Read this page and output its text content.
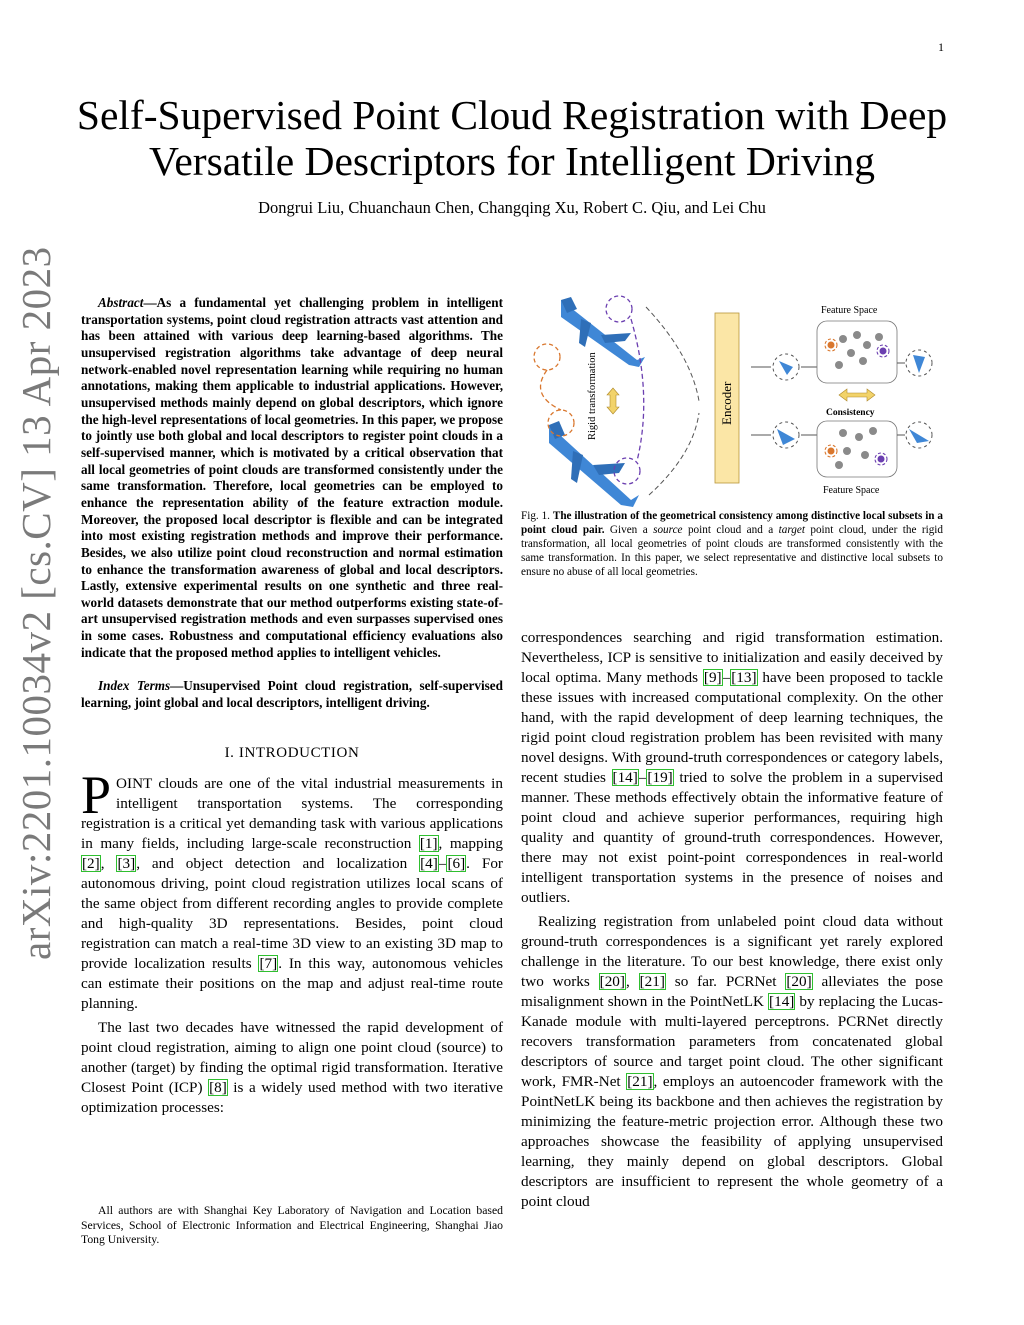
1
arXiv:2201.10034v2 [cs.CV] 13 Apr 2023
Self-Supervised Point Cloud Registration with Deep Versatile Descriptors for Intelligent Driving
Dongrui Liu, Chuanchaun Chen, Changqing Xu, Robert C. Qiu, and Lei Chu

Abstract—As a fundamental yet challenging problem in intelligent transportation systems, point cloud registration attracts vast attention and has been attained with various deep learning-based algorithms. The unsupervised registration algorithms take advantage of deep neural network-enabled novel representation learning while requiring no human annotations, making them applicable to industrial applications. However, unsupervised methods mainly depend on global descriptors, which ignore the high-level representations of local geometries. In this paper, we propose to jointly use both global and local descriptors to register point clouds in a self-supervised manner, which is motivated by a critical observation that all local geometries of point clouds are transformed consistently under the same transformation. Therefore, local geometries can be employed to enhance the representation ability of the feature extraction module. Moreover, the proposed local descriptor is flexible and can be integrated into most existing registration methods and improve their performance. Besides, we also utilize point cloud reconstruction and normal estimation to enhance the transformation awareness of global and local descriptors. Lastly, extensive experimental results on one synthetic and three real-world datasets demonstrate that our method outperforms existing state-of-art unsupervised registration methods and even surpasses supervised ones in some cases. Robustness and computational efficiency evaluations also indicate that the proposed method applies to intelligent vehicles.

Index Terms—Unsupervised Point cloud registration, self-supervised learning, joint global and local descriptors, intelligent driving.

I. INTRODUCTION

POINT clouds are one of the vital industrial measurements in intelligent transportation systems. The corresponding registration is a critical yet demanding task with various applications in many fields, including large-scale reconstruction [1], mapping [2], [3], and object detection and localization [4]–[6]. For autonomous driving, point cloud registration utilizes local scans of the same object from different recording angles to provide complete and high-quality 3D representations. Besides, point cloud registration can match a real-time 3D view to an existing 3D map to provide localization results [7]. In this way, autonomous vehicles can estimate their positions on the map and adjust real-time route planning.

The last two decades have witnessed the rapid development of point cloud registration, aiming to align one point cloud (source) to another (target) by finding the optimal rigid transformation. Iterative Closest Point (ICP) [8] is a widely used method with two iterative optimization processes:

All authors are with Shanghai Key Laboratory of Navigation and Location based Services, School of Electronic Information and Electrical Engineering, Shanghai Jiao Tong University.
Rigid transformation	Encoder
Feature Space
Consistency
Feature Space

Fig. 1. The illustration of the geometrical consistency among distinctive local subsets in a point cloud pair. Given a source point cloud and a target point cloud, under the rigid transformation, all local geometries of point clouds are transformed consistently with the same transformation. In this paper, we select representative and distinctive local subsets to ensure no abuse of all local geometries.

correspondences searching and rigid transformation estimation. Nevertheless, ICP is sensitive to initialization and easily deceived by local optima. Many methods [9]–[13] have been proposed to tackle these issues with increased computational complexity. On the other hand, with the rapid development of deep learning techniques, the rigid point cloud registration problem has been revisited with many novel designs. With ground-truth correspondences or category labels, recent studies [14]–[19] tried to solve the problem in a supervised manner. These methods effectively obtain the informative feature of point cloud and achieve superior performances, requiring high quality and quantity of ground-truth correspondences. However, there may not exist point-point correspondences in real-world intelligent transportation systems in the presence of noises and outliers.

Realizing registration from unlabeled point cloud data without ground-truth correspondences is a significant yet rarely explored challenge in the literature. To our best knowledge, there exist only two works [20], [21] so far. PCRNet [20] alleviates the pose misalignment shown in the PointNetLK [14] by replacing the Lucas-Kanade module with multi-layered perceptrons. PCRNet directly recovers transformation parameters from concatenated global descriptors of source and target point cloud. The other significant work, FMR-Net [21], employs an autoencoder framework with the PointNetLK being its backbone and then achieves the registration by minimizing the feature-metric projection error. Although these two approaches showcase the feasibility of applying unsupervised learning, they mainly depend on global descriptors. Global descriptors are insufficient to represent the whole geometry of a point cloud
